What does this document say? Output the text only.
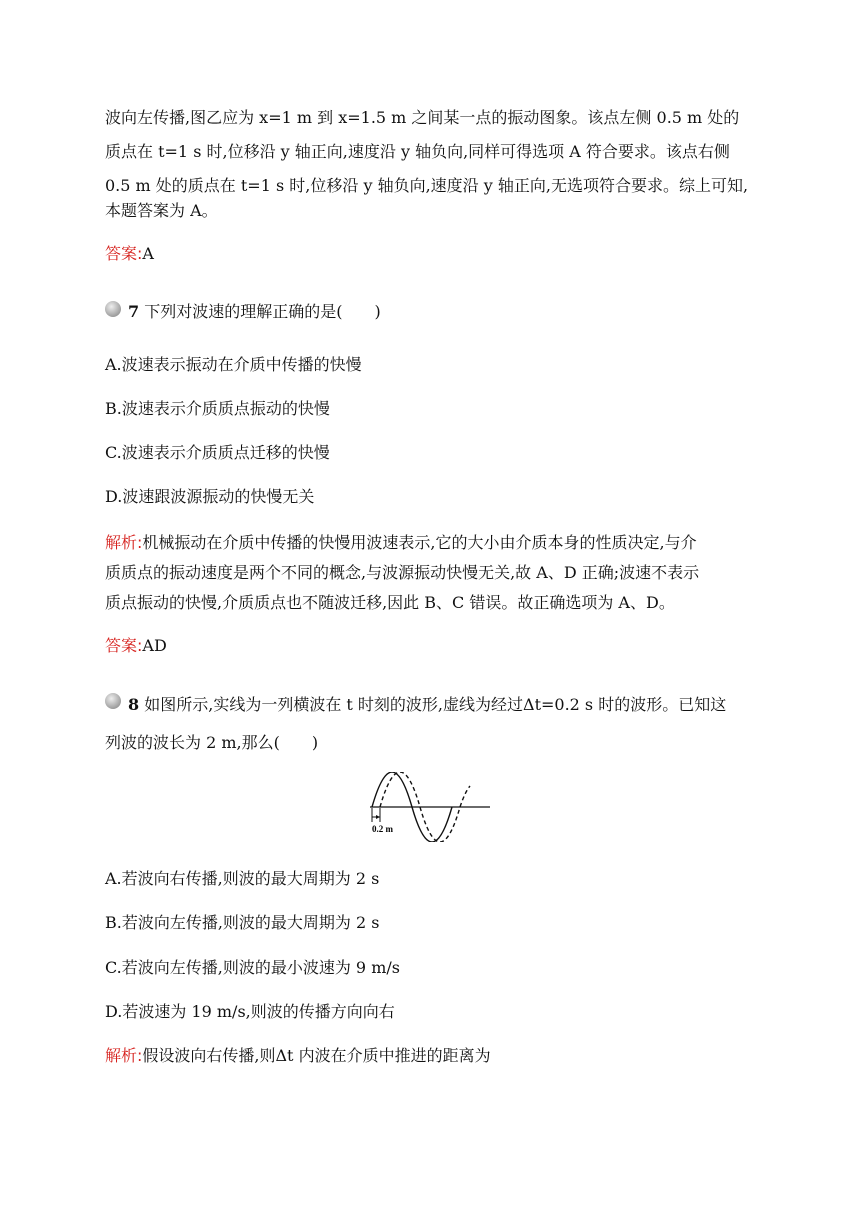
波向左传播,图乙应为 x=1 m 到 x=1.5 m 之间某一点的振动图象。该点左侧 0.5 m 处的
质点在 t=1 s 时,位移沿 y 轴正向,速度沿 y 轴负向,同样可得选项 A 符合要求。该点右侧
0.5 m 处的质点在 t=1 s 时,位移沿 y 轴负向,速度沿 y 轴正向,无选项符合要求。综上可知,
本题答案为 A。
答案:A
7 下列对波速的理解正确的是(　　)
A.波速表示振动在介质中传播的快慢
B.波速表示介质质点振动的快慢
C.波速表示介质质点迁移的快慢
D.波速跟波源振动的快慢无关
解析:机械振动在介质中传播的快慢用波速表示,它的大小由介质本身的性质决定,与介
质质点的振动速度是两个不同的概念,与波源振动快慢无关,故 A、D 正确;波速不表示
质点振动的快慢,介质质点也不随波迁移,因此 B、C 错误。故正确选项为 A、D。
答案:AD
8 如图所示,实线为一列横波在 t 时刻的波形,虚线为经过Δt=0.2 s 时的波形。已知这
列波的波长为 2 m,那么(　　)
0.2 m
A.若波向右传播,则波的最大周期为 2 s
B.若波向左传播,则波的最大周期为 2 s
C.若波向左传播,则波的最小波速为 9 m/s
D.若波速为 19 m/s,则波的传播方向向右
解析:假设波向右传播,则Δt 内波在介质中推进的距离为
